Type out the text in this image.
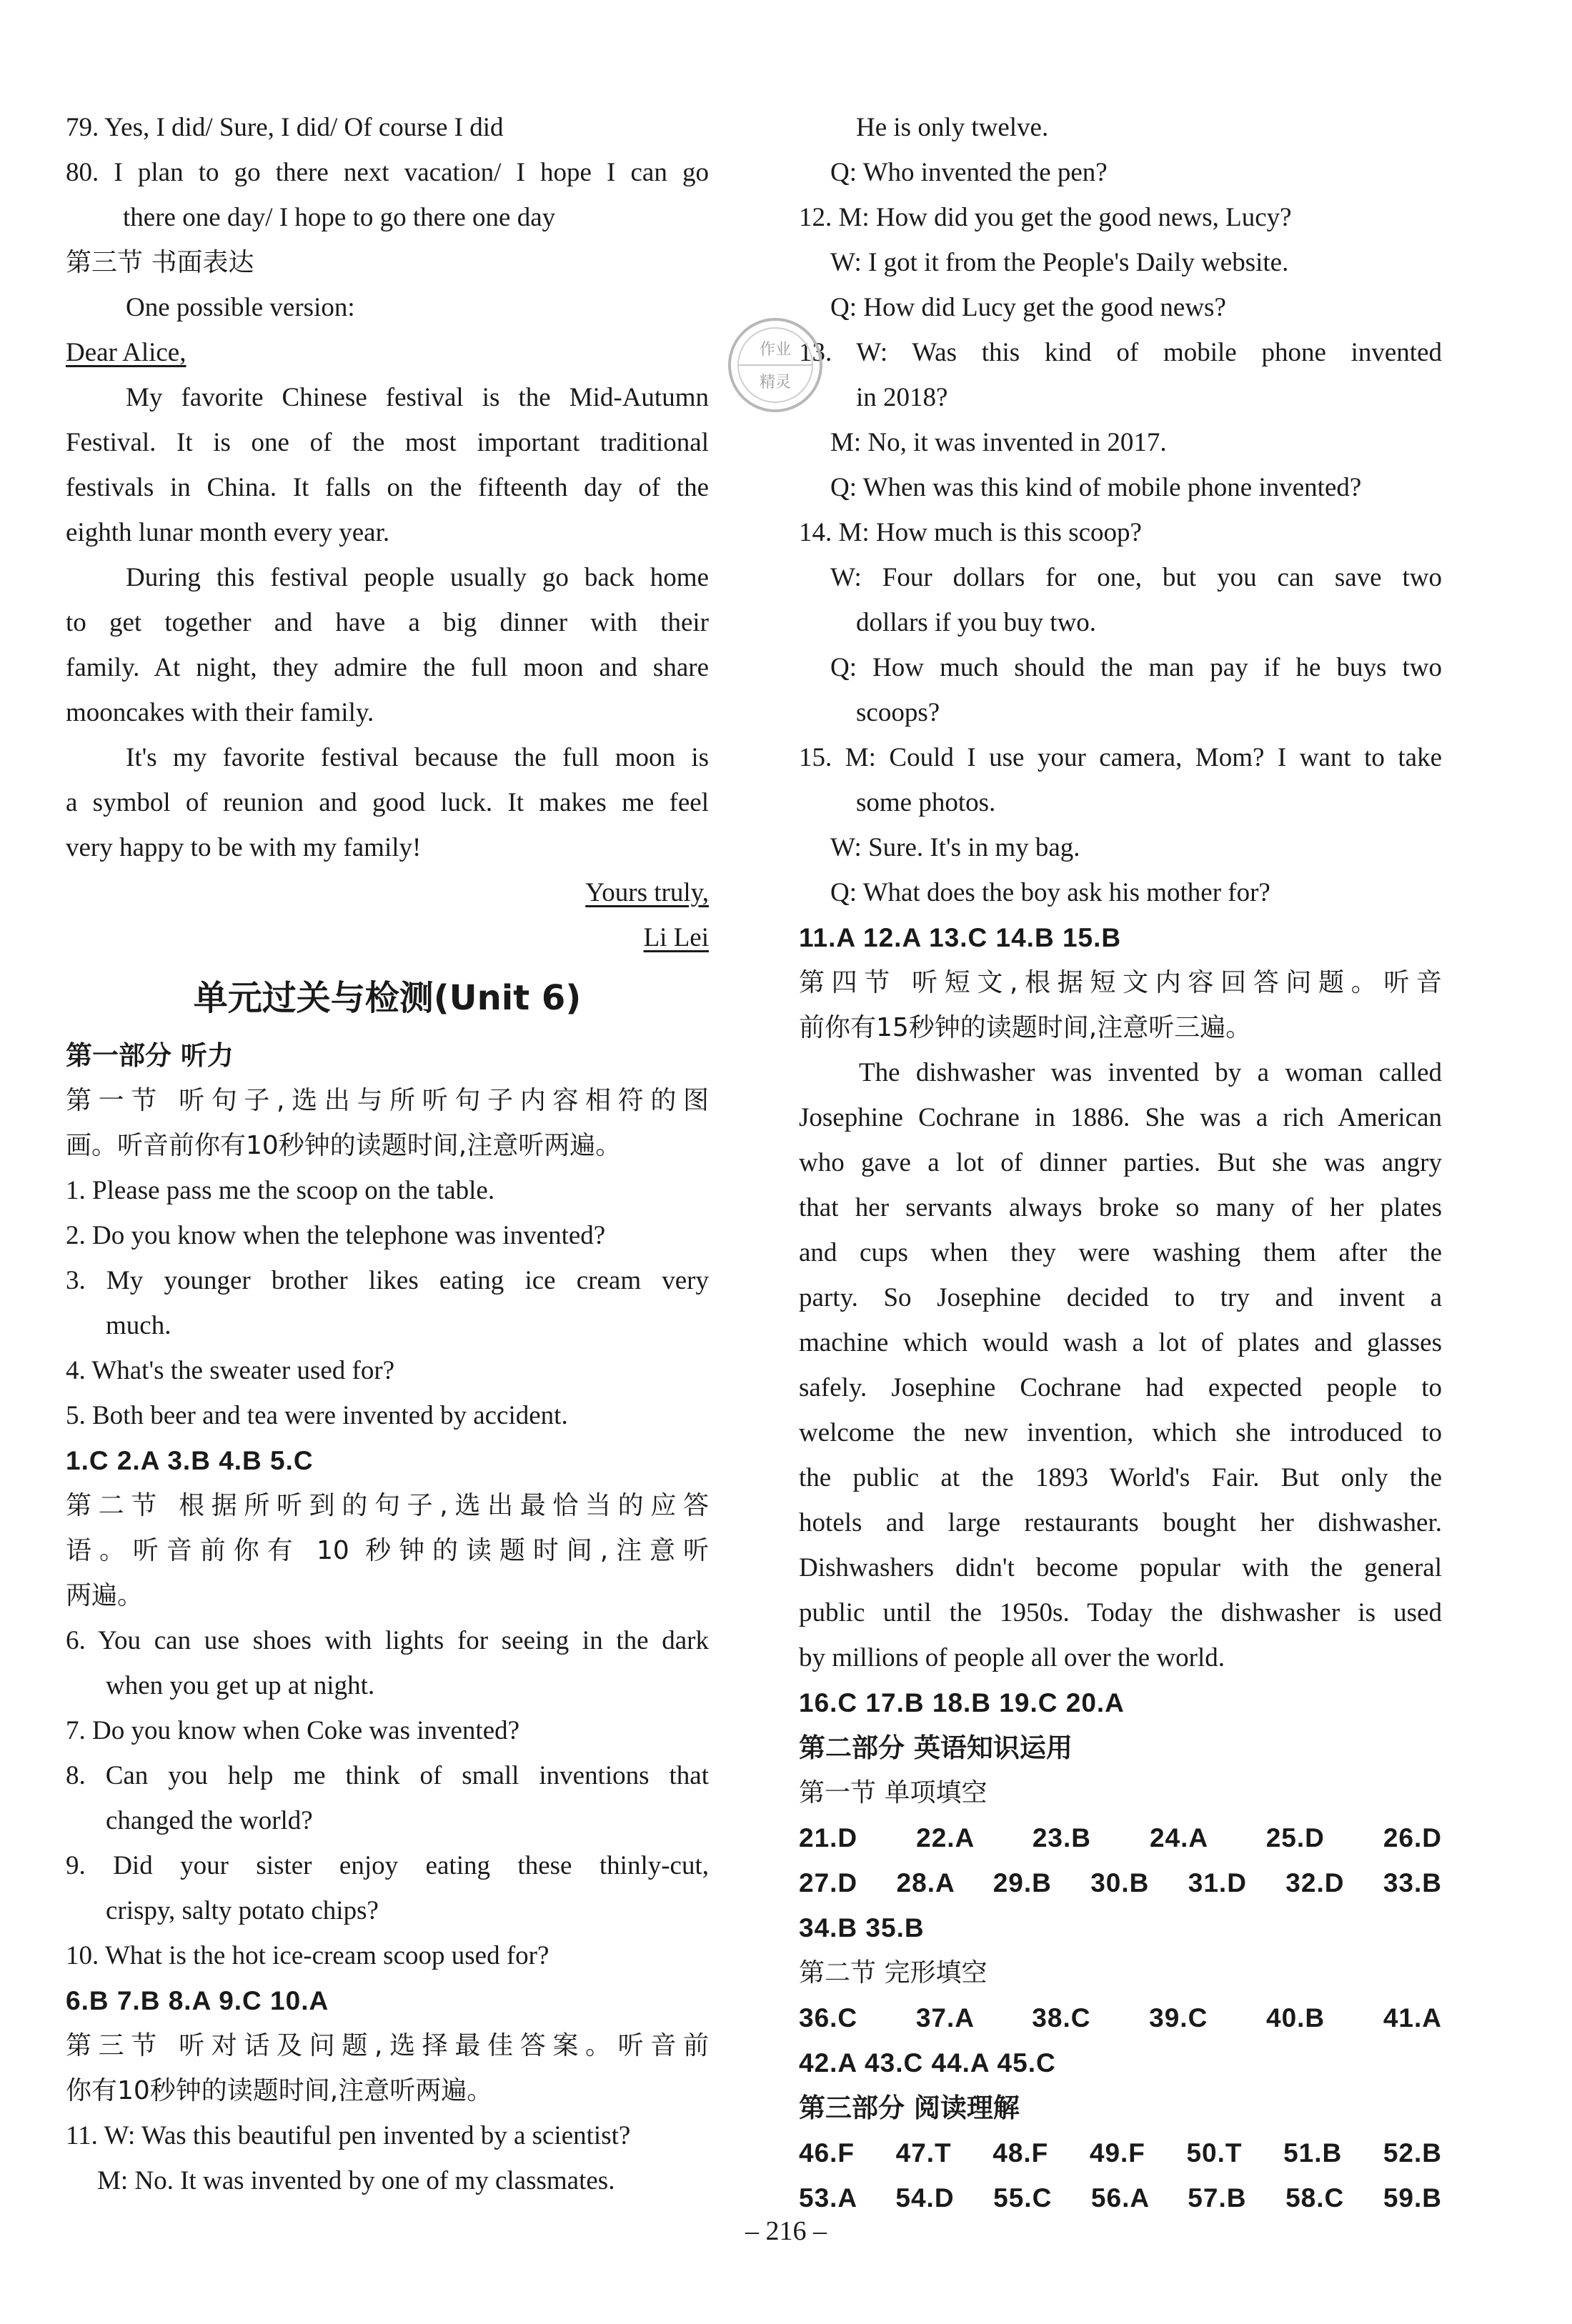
79. Yes, I did/ Sure, I did/ Of course I did
80. I plan to go there next vacation/ I hope I can go
there one day/ I hope to go there one day
第三节 书面表达
One possible version:
Dear Alice,
My favorite Chinese festival is the Mid-Autumn
Festival. It is one of the most important traditional
festivals in China. It falls on the fifteenth day of the
eighth lunar month every year.
During this festival people usually go back home
to get together and have a big dinner with their
family. At night, they admire the full moon and share
mooncakes with their family.
It's my favorite festival because the full moon is
a symbol of reunion and good luck. It makes me feel
very happy to be with my family!
Yours truly,
Li Lei
单元过关与检测(Unit 6)
第一部分 听力
第一节 听句子,选出与所听句子内容相符的图
画。听音前你有10秒钟的读题时间,注意听两遍。
1. Please pass me the scoop on the table.
2. Do you know when the telephone was invented?
3. My younger brother likes eating ice cream very
much.
4. What's the sweater used for?
5. Both beer and tea were invented by accident.
1.C 2.A 3.B 4.B 5.C
第二节 根据所听到的句子,选出最恰当的应答
语。听音前你有 10 秒钟的读题时间,注意听
两遍。
6. You can use shoes with lights for seeing in the dark
when you get up at night.
7. Do you know when Coke was invented?
8. Can you help me think of small inventions that
changed the world?
9. Did your sister enjoy eating these thinly-cut,
crispy, salty potato chips?
10. What is the hot ice-cream scoop used for?
6.B 7.B 8.A 9.C 10.A
第三节 听对话及问题,选择最佳答案。听音前
你有10秒钟的读题时间,注意听两遍。
11. W: Was this beautiful pen invented by a scientist?
M: No. It was invented by one of my classmates.
He is only twelve.
Q: Who invented the pen?
12. M: How did you get the good news, Lucy?
W: I got it from the People's Daily website.
Q: How did Lucy get the good news?
13. W: Was this kind of mobile phone invented
in 2018?
M: No, it was invented in 2017.
Q: When was this kind of mobile phone invented?
14. M: How much is this scoop?
W: Four dollars for one, but you can save two
dollars if you buy two.
Q: How much should the man pay if he buys two
scoops?
15. M: Could I use your camera, Mom? I want to take
some photos.
W: Sure. It's in my bag.
Q: What does the boy ask his mother for?
11.A 12.A 13.C 14.B 15.B
第四节 听短文,根据短文内容回答问题。听音
前你有15秒钟的读题时间,注意听三遍。
The dishwasher was invented by a woman called
Josephine Cochrane in 1886. She was a rich American
who gave a lot of dinner parties. But she was angry
that her servants always broke so many of her plates
and cups when they were washing them after the
party. So Josephine decided to try and invent a
machine which would wash a lot of plates and glasses
safely. Josephine Cochrane had expected people to
welcome the new invention, which she introduced to
the public at the 1893 World's Fair. But only the
hotels and large restaurants bought her dishwasher.
Dishwashers didn't become popular with the general
public until the 1950s. Today the dishwasher is used
by millions of people all over the world.
16.C 17.B 18.B 19.C 20.A
第二部分 英语知识运用
第一节 单项填空
21.D 22.A 23.B 24.A 25.D 26.D
27.D 28.A 29.B 30.B 31.D 32.D 33.B
34.B 35.B
第二节 完形填空
36.C 37.A 38.C 39.C 40.B 41.A
42.A 43.C 44.A 45.C
第三部分 阅读理解
46.F 47.T 48.F 49.F 50.T 51.B 52.B
53.A 54.D 55.C 56.A 57.B 58.C 59.B
作业
精灵
– 216 –
